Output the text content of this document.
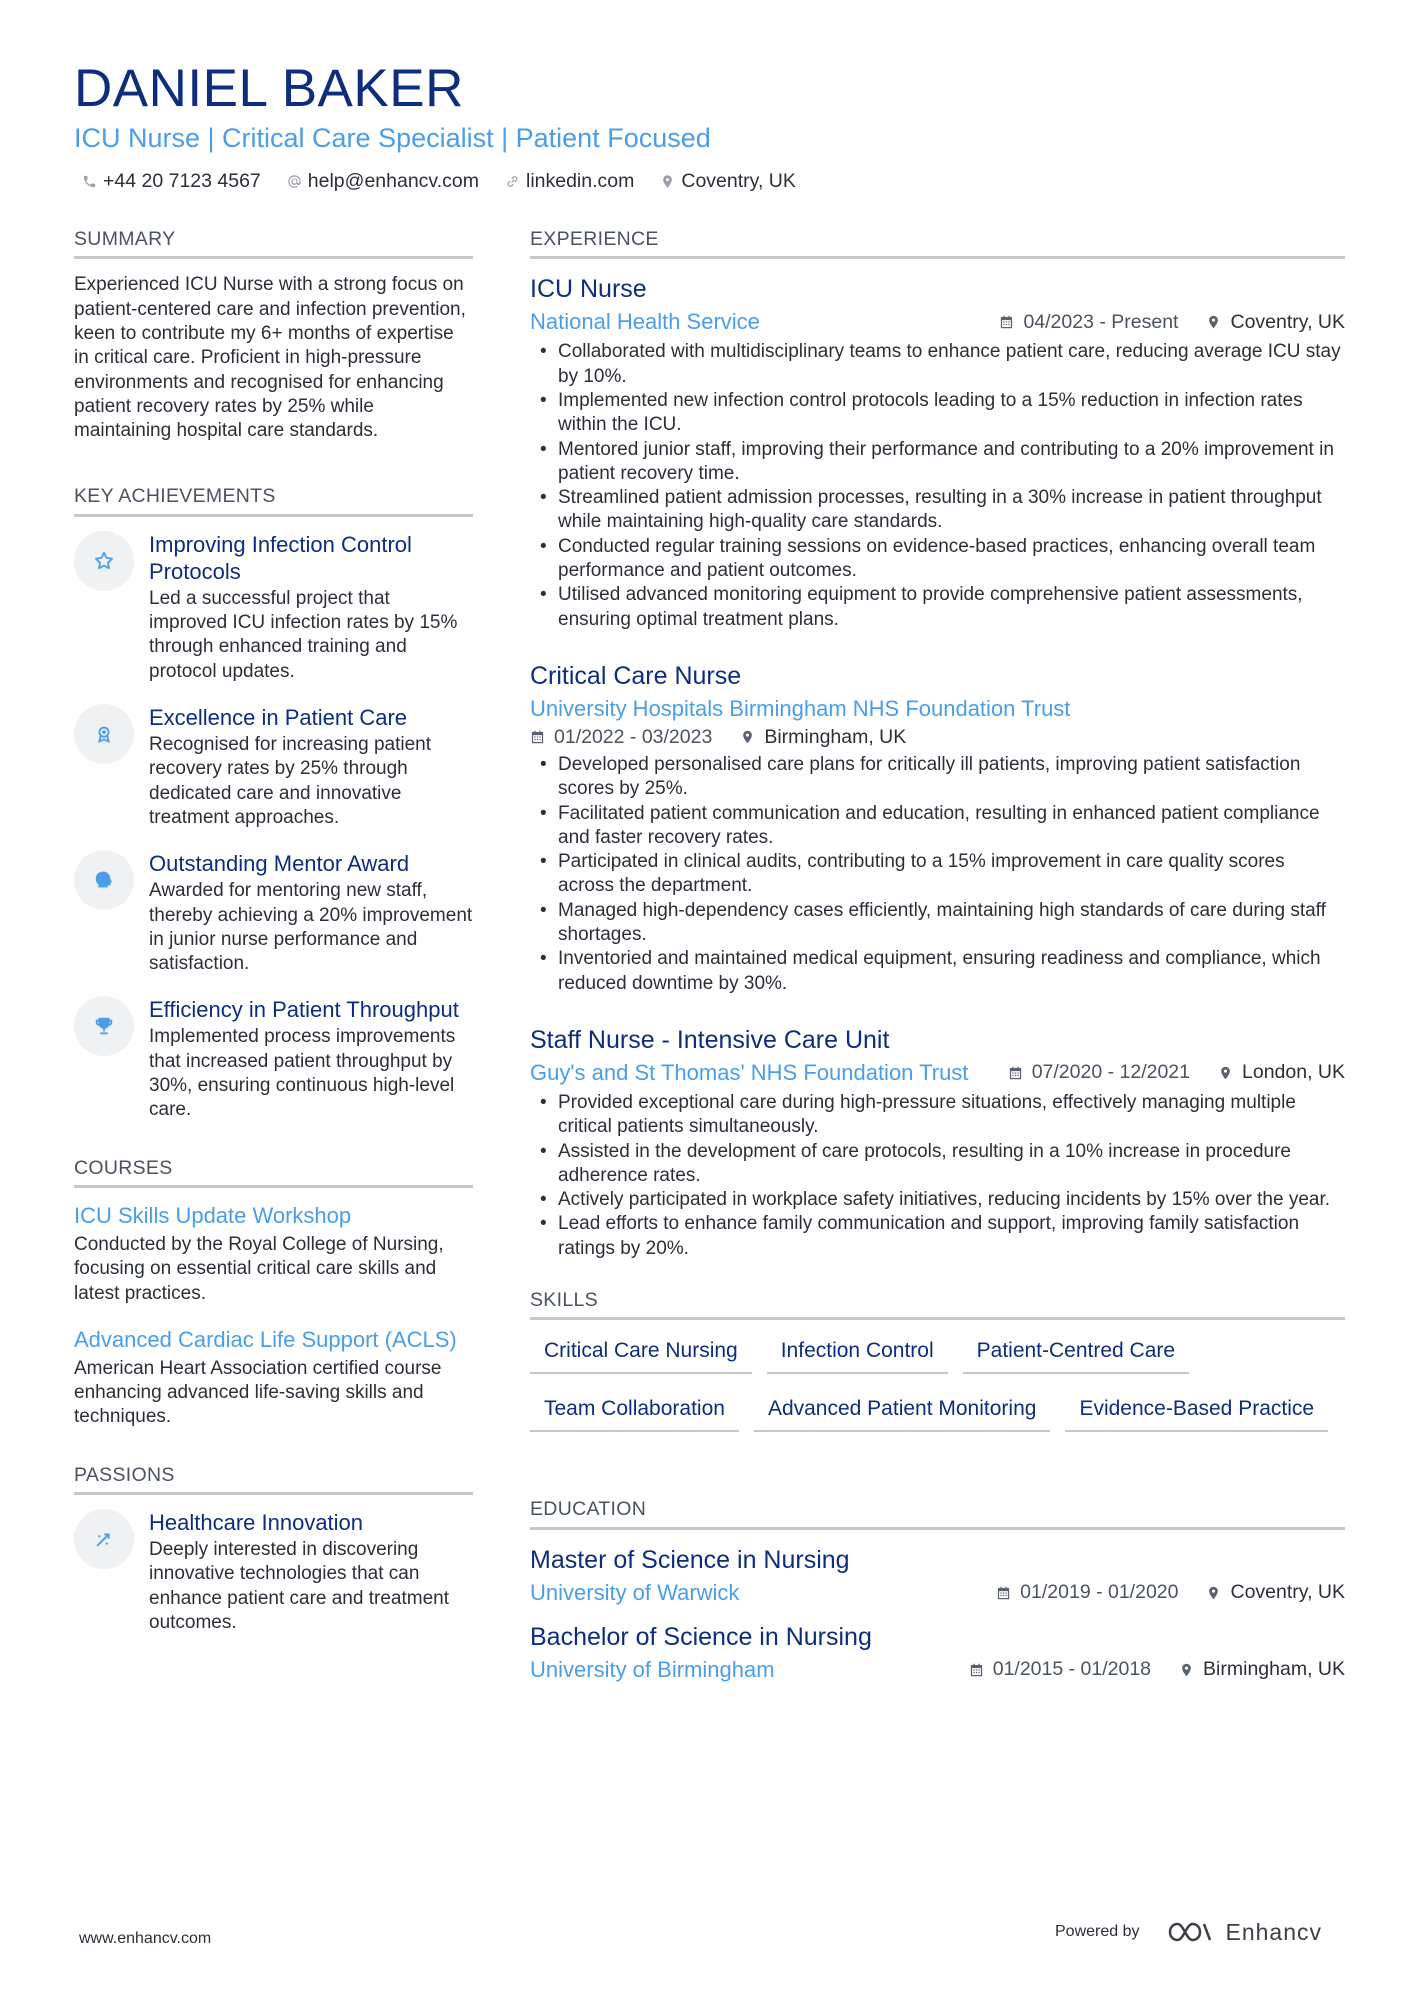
DANIEL BAKER
ICU Nurse | Critical Care Specialist | Patient Focused
+44 20 7123 4567 help@enhancv.com linkedin.com Coventry, UK
SUMMARY

Experienced ICU Nurse with a strong focus on patient-centered care and infection prevention, keen to contribute my 6+ months of expertise in critical care. Proficient in high-pressure environments and recognised for enhancing patient recovery rates by 25% while maintaining hospital care standards.

KEY ACHIEVEMENTS
Improving Infection Control Protocols
Led a successful project that improved ICU infection rates by 15% through enhanced training and protocol updates.
Excellence in Patient Care
Recognised for increasing patient recovery rates by 25% through dedicated care and innovative treatment approaches.
Outstanding Mentor Award
Awarded for mentoring new staff, thereby achieving a 20% improvement in junior nurse performance and satisfaction.
Efficiency in Patient Throughput
Implemented process improvements that increased patient throughput by 30%, ensuring continuous high-level care.
COURSES
ICU Skills Update Workshop
Conducted by the Royal College of Nursing, focusing on essential critical care skills and latest practices.
Advanced Cardiac Life Support (ACLS)
American Heart Association certified course enhancing advanced life-saving skills and techniques.
PASSIONS
Healthcare Innovation
Deeply interested in discovering innovative technologies that can enhance patient care and treatment outcomes.
EXPERIENCE
ICU Nurse
National Health Service	04/2023 - Present	Coventry, UK
• Collaborated with multidisciplinary teams to enhance patient care, reducing average ICU stay by 10%.
• Implemented new infection control protocols leading to a 15% reduction in infection rates within the ICU.
• Mentored junior staff, improving their performance and contributing to a 20% improvement in patient recovery time.
• Streamlined patient admission processes, resulting in a 30% increase in patient throughput while maintaining high-quality care standards.
• Conducted regular training sessions on evidence-based practices, enhancing overall team performance and patient outcomes.
• Utilised advanced monitoring equipment to provide comprehensive patient assessments, ensuring optimal treatment plans.
Critical Care Nurse
University Hospitals Birmingham NHS Foundation Trust
01/2022 - 03/2023	Birmingham, UK
• Developed personalised care plans for critically ill patients, improving patient satisfaction scores by 25%.
• Facilitated patient communication and education, resulting in enhanced patient compliance and faster recovery rates.
• Participated in clinical audits, contributing to a 15% improvement in care quality scores across the department.
• Managed high-dependency cases efficiently, maintaining high standards of care during staff shortages.
• Inventoried and maintained medical equipment, ensuring readiness and compliance, which reduced downtime by 30%.
Staff Nurse - Intensive Care Unit
Guy's and St Thomas' NHS Foundation Trust	07/2020 - 12/2021	London, UK
• Provided exceptional care during high-pressure situations, effectively managing multiple critical patients simultaneously.
• Assisted in the development of care protocols, resulting in a 10% increase in procedure adherence rates.
• Actively participated in workplace safety initiatives, reducing incidents by 15% over the year.
• Lead efforts to enhance family communication and support, improving family satisfaction ratings by 20%.
SKILLS
Critical Care Nursing	Infection Control	Patient-Centred Care
Team Collaboration	Advanced Patient Monitoring	Evidence-Based Practice
EDUCATION
Master of Science in Nursing
University of Warwick	01/2019 - 01/2020	Coventry, UK
Bachelor of Science in Nursing
University of Birmingham	01/2015 - 01/2018	Birmingham, UK
www.enhancv.com	Powered by	Enhancv
